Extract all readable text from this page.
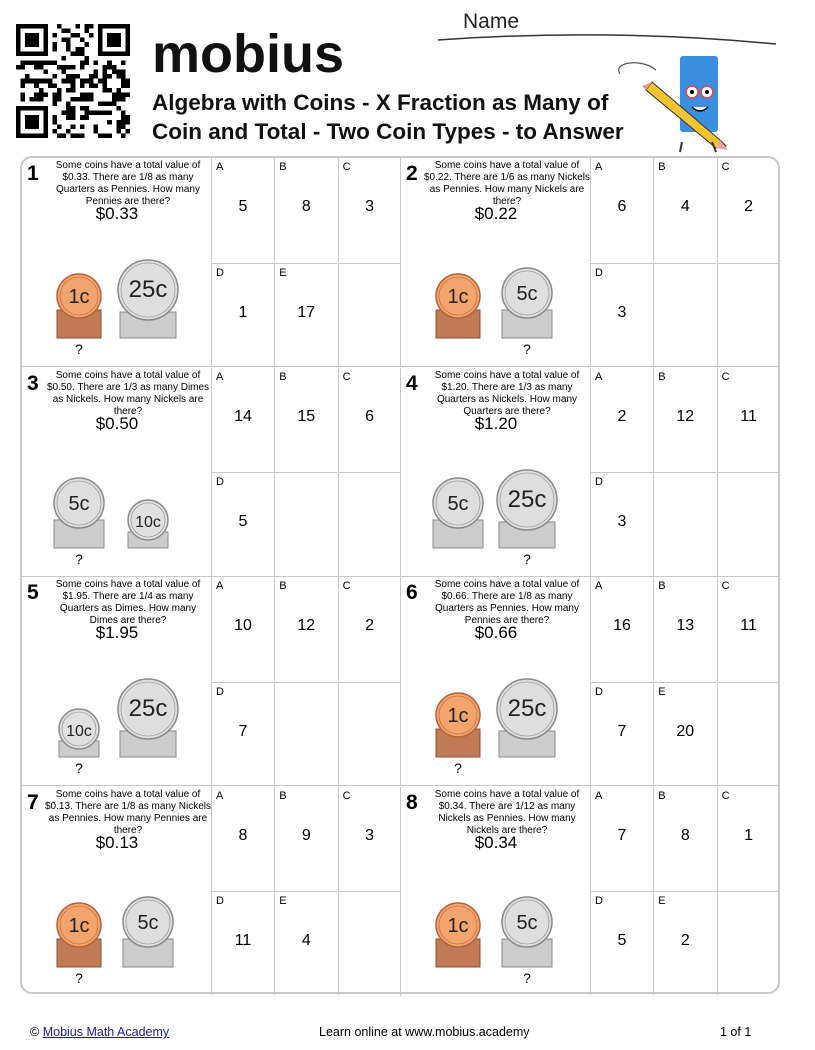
mobius
Algebra with Coins - X Fraction as Many of Coin and Total - Two Coin Types - to Answer
Name
1	Some coins have a total value of $0.33. There are 1/8 as many Quarters as Pennies. How many Pennies are there?
$0.33
1c
?
25c
A
5
B
8
C
3
D
1
E
17
2	Some coins have a total value of $0.22. There are 1/6 as many Nickels as Pennies. How many Nickels are there?
$0.22
1c 5c
?
A
6
B
4
C
2
D
3
3	Some coins have a total value of $0.50. There are 1/3 as many Dimes as Nickels. How many Nickels are there?
$0.50
5c
?
10c
A
14
B
15
C
6
D
5
4	Some coins have a total value of $1.20. There are 1/3 as many Quarters as Nickels. How many Quarters are there?
$1.20
5c 25c
?
A
2
B
12
C
11
D
3
5	Some coins have a total value of $1.95. There are 1/4 as many Quarters as Dimes. How many Dimes are there?
$1.95
10c
?
25c
A
10
B
12
C
2
D
7
6	Some coins have a total value of $0.66. There are 1/8 as many Quarters as Pennies. How many Pennies are there?
$0.66
1c
?
25c
A
16
B
13
C
11
D
7
E
20
7	Some coins have a total value of $0.13. There are 1/8 as many Nickels as Pennies. How many Pennies are there?
$0.13
1c
?
5c
A
8
B
9
C
3
D
11
E
4
8	Some coins have a total value of $0.34. There are 1/12 as many Nickels as Pennies. How many Nickels are there?
$0.34
1c 5c
?
A
7
B
8
C
1
D
5
E
2
© Mobius Math Academy	Learn online at www.mobius.academy	1 of 1
